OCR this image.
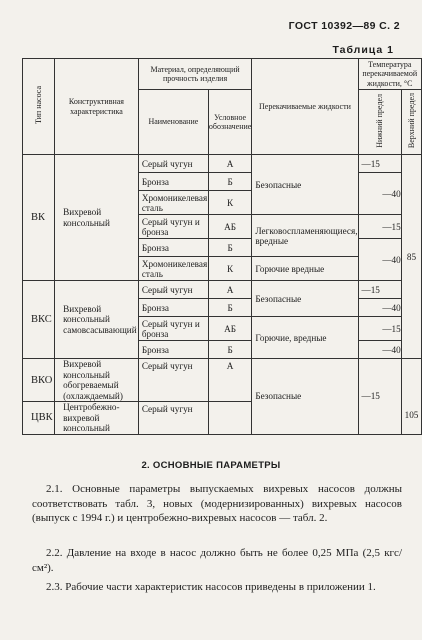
ГОСТ 10392—89 С. 2
Таблица 1
Тип насоса	Конструктивная характеристика	Материал, определяющий прочность изделия		Перекачиваемые жидкости	Температура перекачиваемой жидкости, °С		
		Наименование	Условное обозначение		Нижний предел		Верхний предел
ВК	Вихревой консольный	Серый чугун	А	Безопасные	—15		85
		Бронза	Б			—40	
		Хромоникелевая сталь	К				
		Серый чугун и бронза	АБ	Легковоспламеняющиеся, вредные		—15	
		Бронза	Б			—40	
		Хромоникелевая сталь	К	Горючие вредные			
ВКС	Вихревой консольный самовсасывающий	Серый чугун	А	Безопасные	—15		
		Бронза	Б			—40	
		Серый чугун и бронза	АБ	Горючие, вредные		—15	
		Бронза	Б			—40	
ВКО	Вихревой консольный обогреваемый (охлаждаемый)	Серый чугун	А	Безопасные	—15		105
ЦВК	Центробежно-вихревой консольный	Серый чугун					
2. ОСНОВНЫЕ ПАРАМЕТРЫ

2.1. Основные параметры выпускаемых вихревых насосов должны соответствовать табл. 3, новых (модернизированных) вихревых насосов (выпуск с 1994 г.) и центробежно-вихревых насосов — табл. 2.

2.2. Давление на входе в насос должно быть не более 0,25 МПа (2,5 кгс/см²).

2.3. Рабочие части характеристик насосов приведены в приложении 1.
